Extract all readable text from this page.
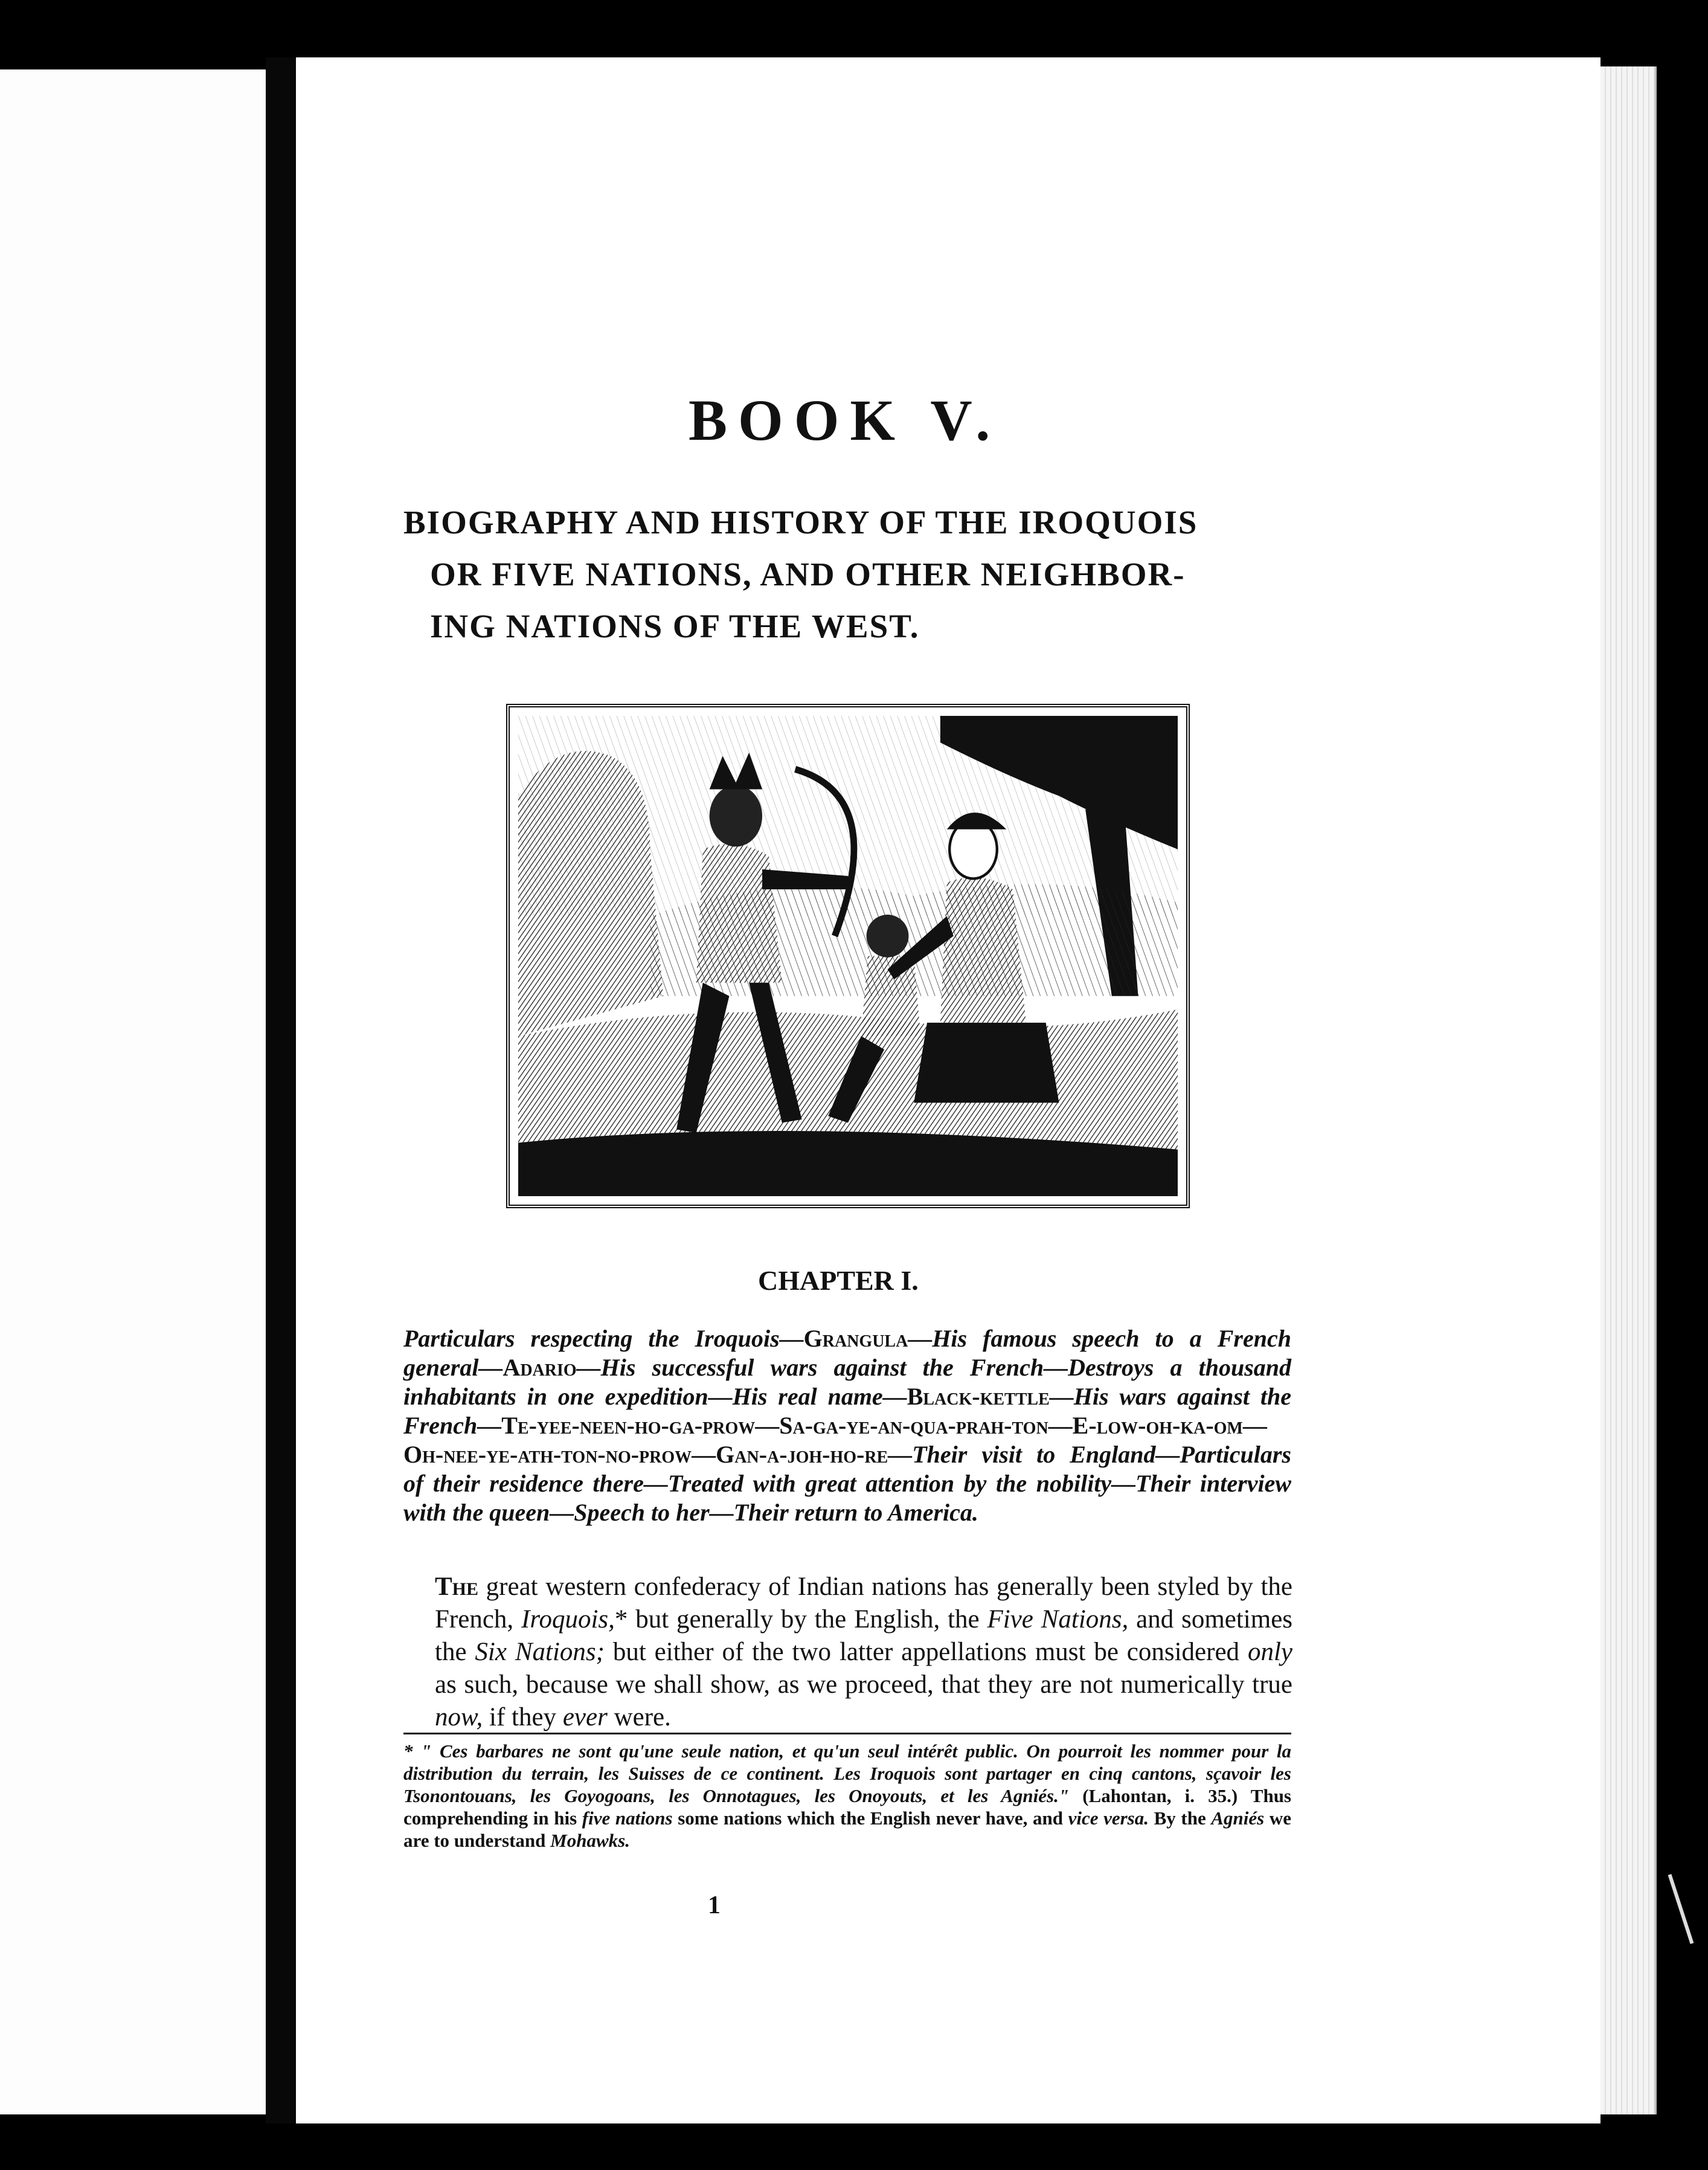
BOOK V.
BIOGRAPHY AND HISTORY OF THE IROQUOIS
OR FIVE NATIONS, AND OTHER NEIGHBOR-
ING NATIONS OF THE WEST.
CHAPTER I.
Particulars respecting the Iroquois—Grangula—His famous speech to a French general—Adario—His successful wars against the French—Destroys a thousand inhabitants in one expedition—His real name—Black-kettle—His wars against the French—Te-yee-neen-ho-ga-prow—Sa-ga-ye-an-qua-prah-ton—E-low-oh-ka-om—Oh-nee-ye-ath-ton-no-prow—Gan-a-joh-ho-re—Their visit to England—Particulars of their residence there—Treated with great attention by the nobility—Their interview with the queen—Speech to her—Their return to America.
The great western confederacy of Indian nations has generally been styled by the French, Iroquois,* but generally by the English, the Five Nations, and sometimes the Six Nations; but either of the two latter appellations must be considered only as such, because we shall show, as we proceed, that they are not numerically true now, if they ever were.
* " Ces barbares ne sont qu'une seule nation, et qu'un seul intérêt public. On pourroit les nommer pour la distribution du terrain, les Suisses de ce continent. Les Iroquois sont partager en cinq cantons, sçavoir les Tsonontouans, les Goyogoans, les Onnotagues, les Onoyouts, et les Agniés." (Lahontan, i. 35.) Thus comprehending in his five nations some nations which the English never have, and vice versa. By the Agniés we are to understand Mohawks.
1
